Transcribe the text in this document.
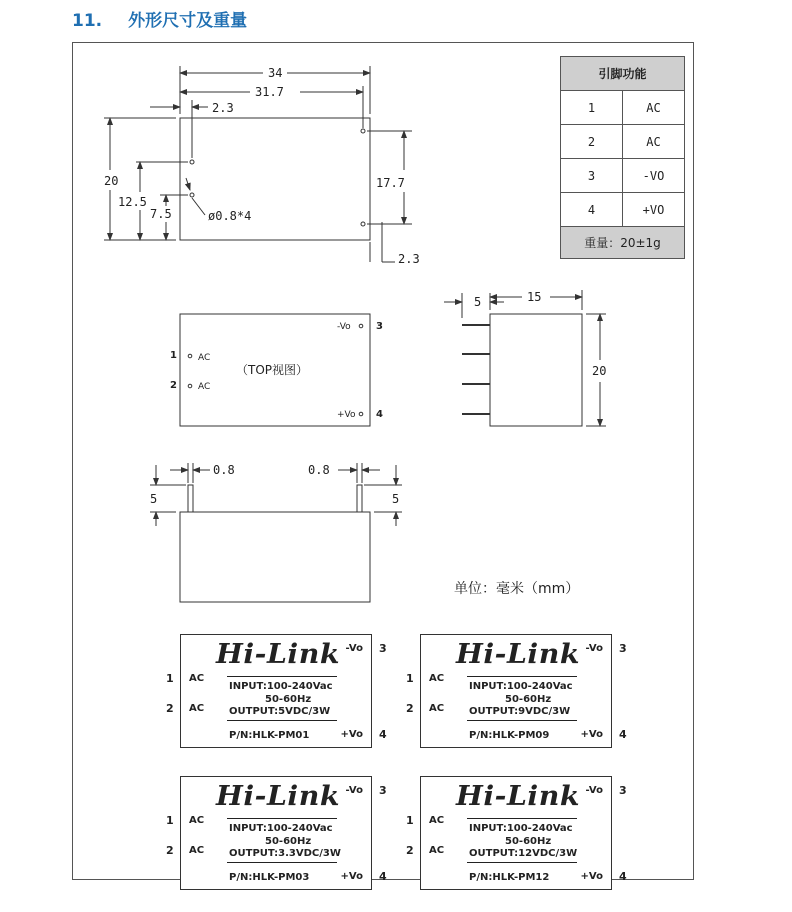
11. 外形尺寸及重量
34
31.7
2.3
20
12.5
7.5	ø0.8*4
17.7
2.3
引脚功能	
1	AC
2	AC
3	-VO
4	+VO
重量：20±1g	
（TOP视图）
AC
AC
-Vo
+Vo
1
2
3
4
5	15
20
0.8	0.8
5	5
单位：毫米（mm）
Hi-Link
INPUT:100-240Vac
50-60Hz
OUTPUT:5VDC/3W
P/N:HLK-PM01
-Vo
+Vo
AC
AC
1
2
3
4
Hi-Link
INPUT:100-240Vac
50-60Hz
OUTPUT:9VDC/3W
P/N:HLK-PM09
-Vo
+Vo
AC
AC
1
2
3
4
Hi-Link
INPUT:100-240Vac
50-60Hz
OUTPUT:3.3VDC/3W
P/N:HLK-PM03
-Vo
+Vo
AC
AC
1
2
3
4
Hi-Link
INPUT:100-240Vac
50-60Hz
OUTPUT:12VDC/3W
P/N:HLK-PM12
-Vo
+Vo
AC
AC
1
2
3
4
